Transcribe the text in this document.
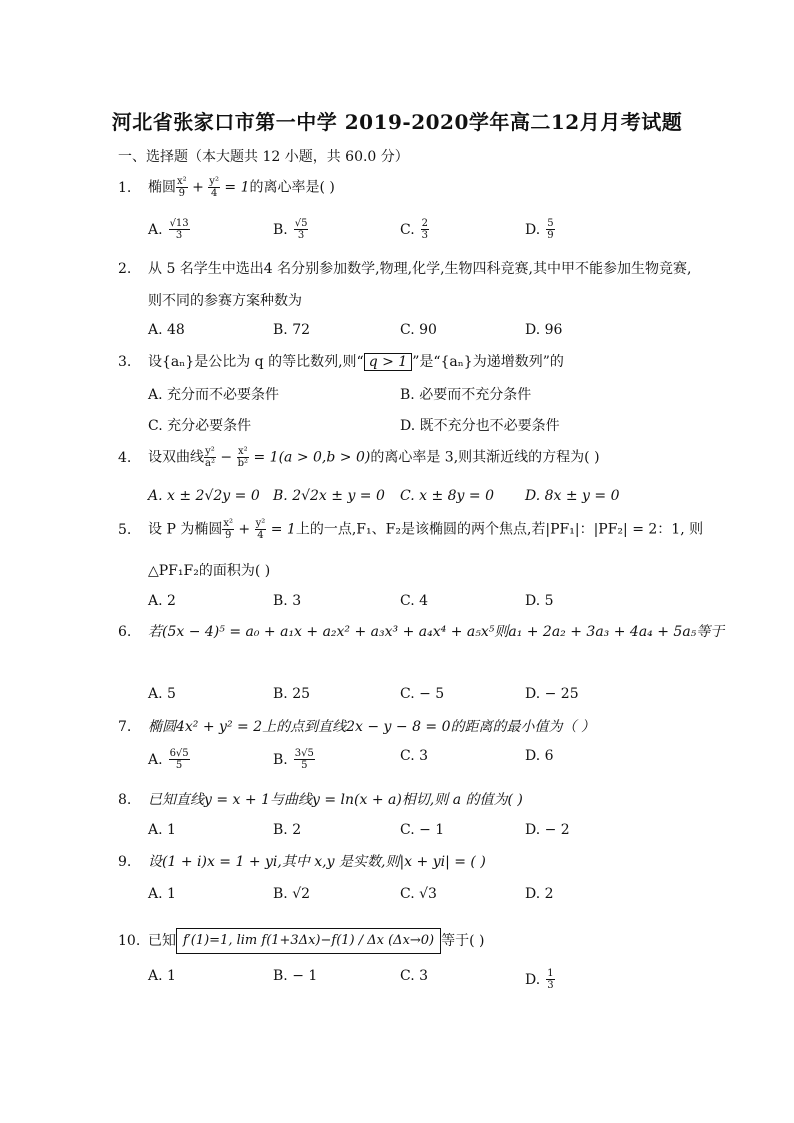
河北省张家口市第一中学 2019-2020学年高二12月月考试题
一、选择题（本大题共 12 小题，共 60.0 分）
1. 椭圆 $\frac{\text{x²}}{9} + \frac{\text{y²}}{4} = 1$的离心率是( )
A. $\frac{√13}{3}$	B. $\frac{√5}{3}$	C. $\frac{2}{3}$	D. $\frac{5}{9}$
2. 从 5 名学生中选出4 名分别参加数学,物理,化学,生物四科竞赛,其中甲不能参加生物竞赛,
则不同的参赛方案种数为
A. 48	B. 72	C. 90	D. 96
3. 设{aₙ}是公比为 q 的等比数列,则“ q > 1 ”是“{aₙ}为递增数列”的
A. 充分而不必要条件	B. 必要而不充分条件
C. 充分必要条件	D. 既不充分也不必要条件
4. 设双曲线 $\frac{\text{y²}}{\text{a²}} - \frac{\text{x²}}{\text{b²}} = 1(a > 0,b > 0)$的离心率是 3,则其渐近线的方程为( )
A. x ± 2√2y = 0 B. 2√2x ± y = 0 C. x ± 8y = 0 D. 8x ± y = 0
5. 设 P 为椭圆 $\frac{\text{x²}}{9} + \frac{\text{y²}}{4} = 1$上的一点,F₁、F₂是该椭圆的两个焦点,若|PF₁|：|PF₂| = 2：1, 则
△PF₁F₂的面积为( )
A. 2	B. 3	C. 4	D. 5
6. 若(5x − 4)⁵ = a₀ + a₁x + a₂x² + a₃x³ + a₄x⁴ + a₅x⁵则a₁ + 2a₂ + 3a₃ + 4a₄ + 5a₅等于
A. 5	B. 25	C. − 5	D. − 25
7. 椭圆4x² + y² = 2上的点到直线2x − y − 8 = 0的距离的最小值为（ ）
A. $\frac{6√5}{5}$	B. $\frac{3√5}{5}$	C. 3	D. 6
8. 已知直线y = x + 1与曲线y = ln(x + a)相切,则 a 的值为( )
A. 1	B. 2	C. − 1	D. − 2
9. 设(1 + i)x = 1 + yi,其中 x,y 是实数,则|x + yi| = ( )
A. 1	B. √2	C. √3	D. 2
10. 已知 f′(1)=1, lim f(1+3Δx)−f(1) / Δx (Δx→0) 等于( )
A. 1	B. − 1	C. 3	D. $\frac{1}{3}$
